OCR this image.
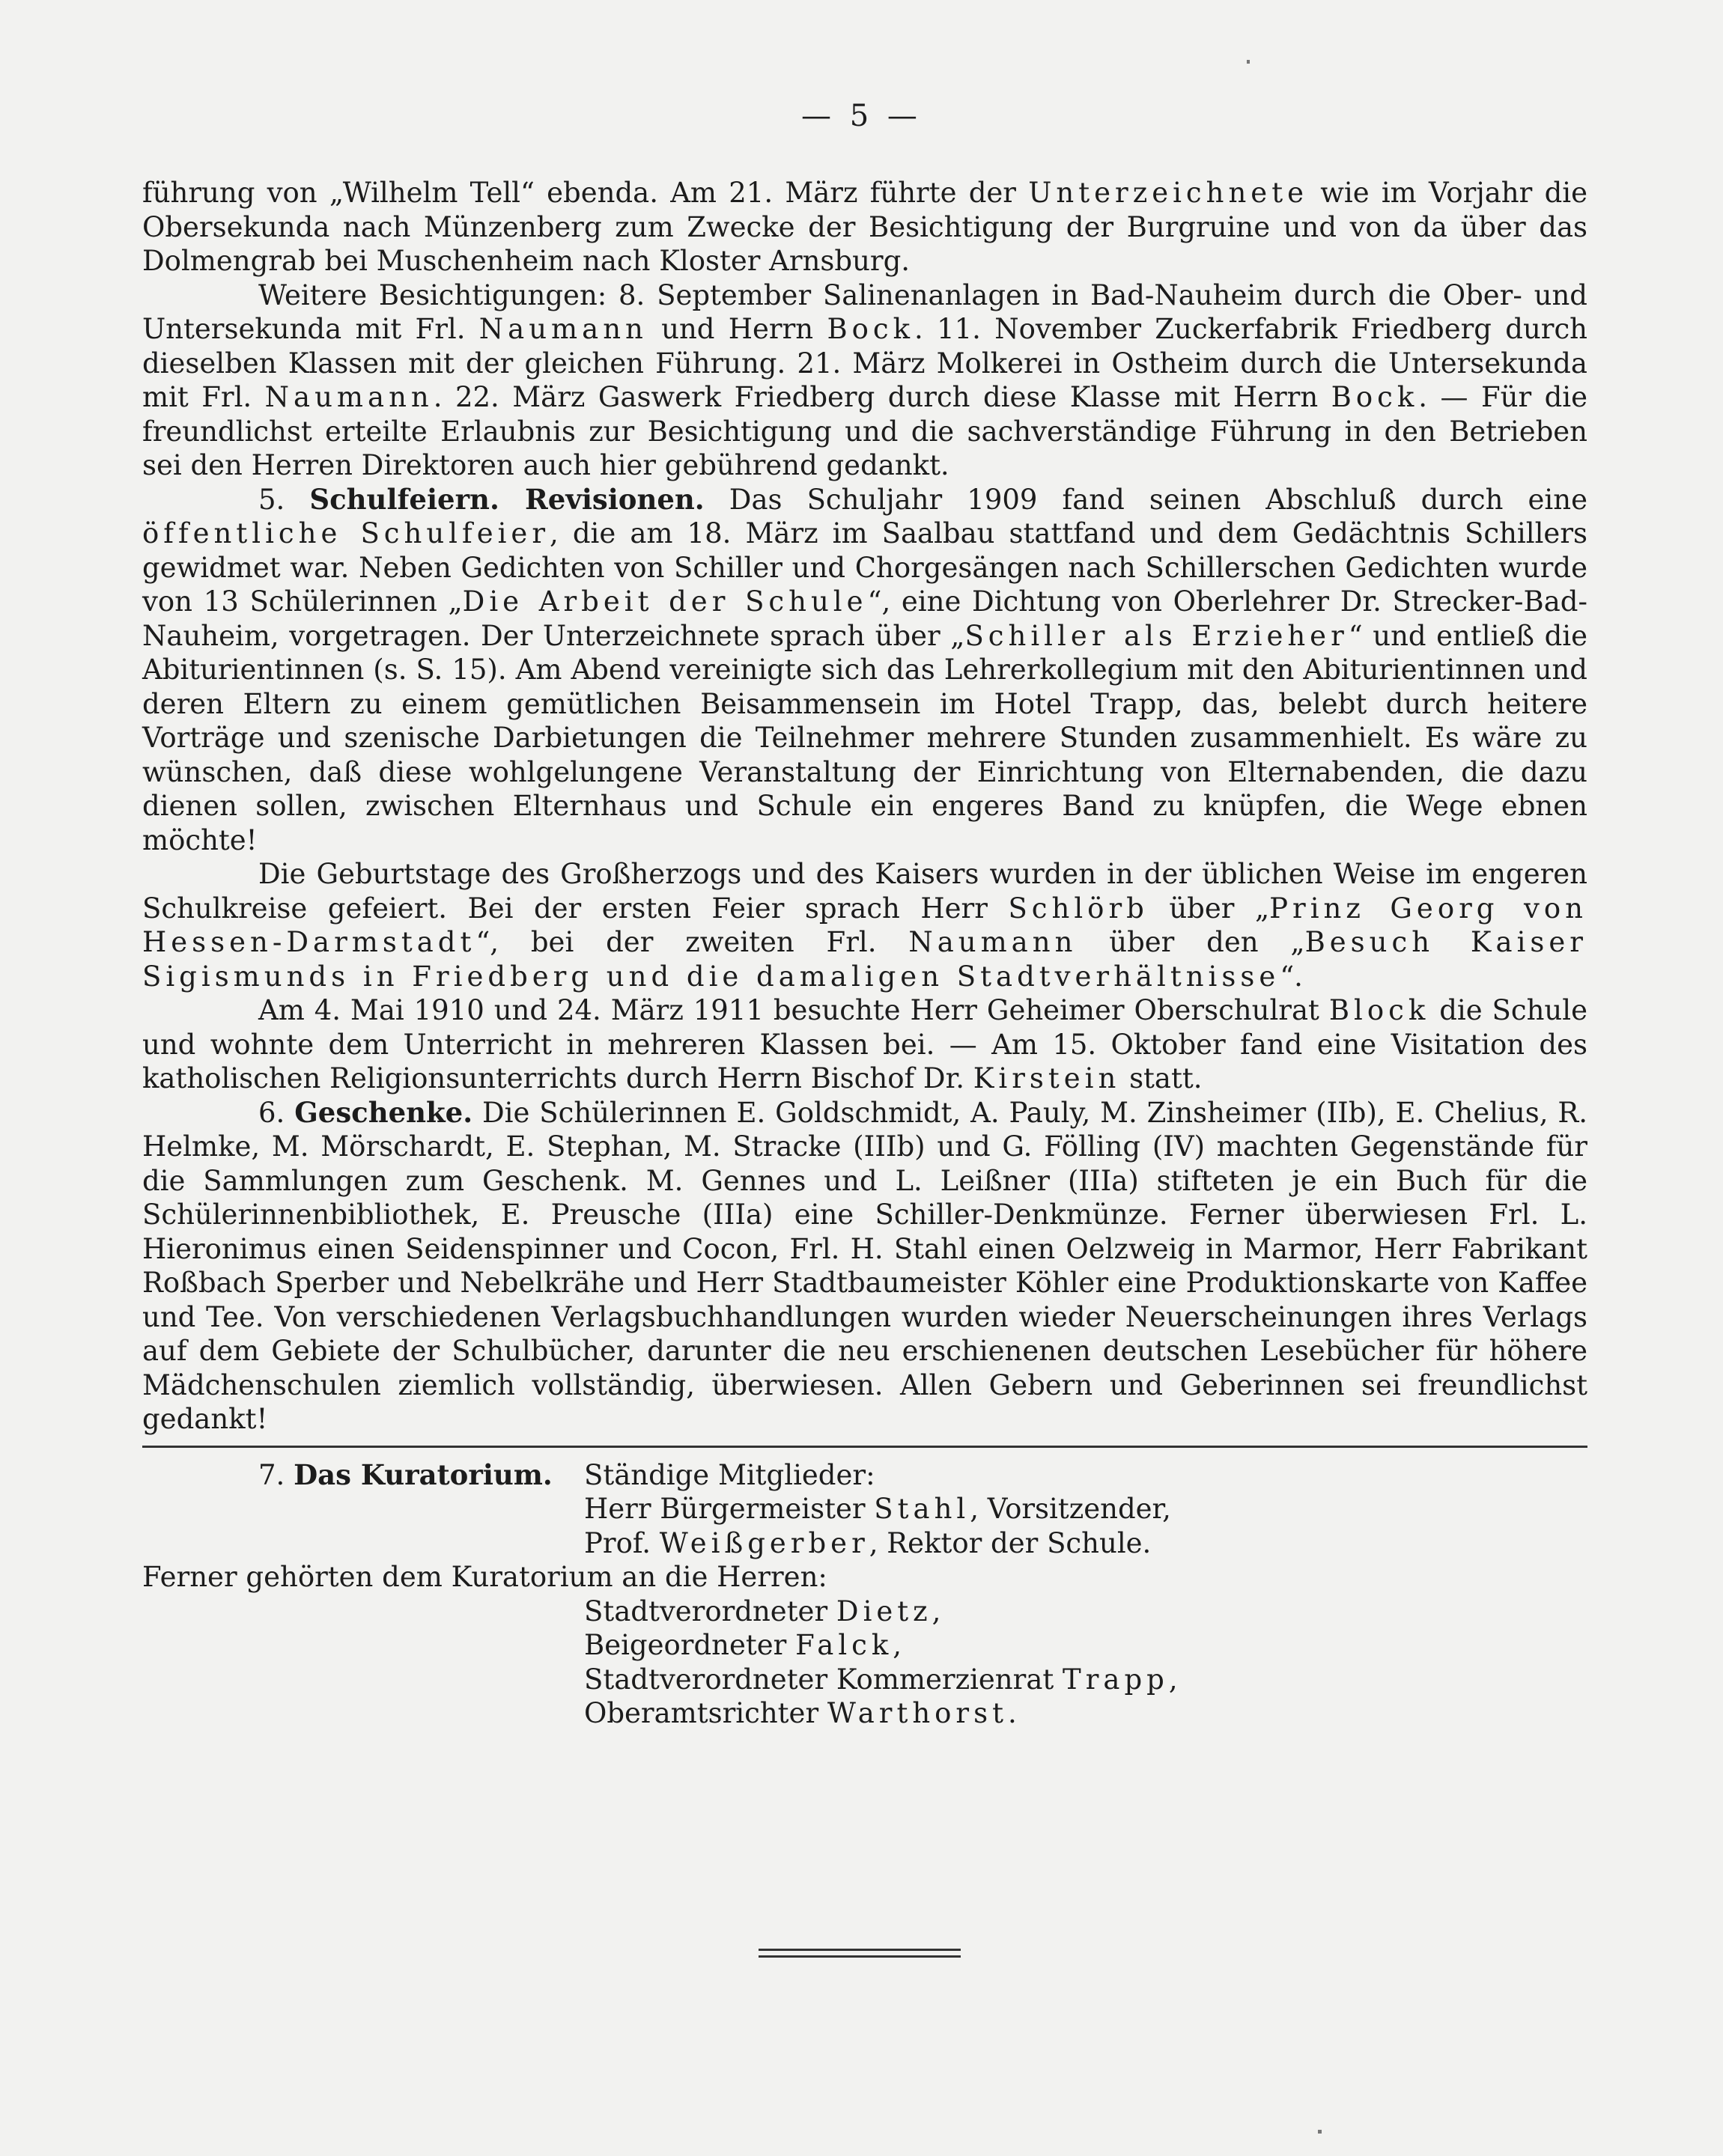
— 5 —

führung von „Wilhelm Tell“ ebenda. Am 21. März führte der Unterzeichnete wie im Vorjahr die Obersekunda nach Münzenberg zum Zwecke der Besichtigung der Burgruine und von da über das Dolmengrab bei Muschenheim nach Kloster Arnsburg.

Weitere Besichtigungen: 8. September Salinenanlagen in Bad-Nauheim durch die Ober- und Untersekunda mit Frl. Naumann und Herrn Bock. 11. November Zuckerfabrik Friedberg durch dieselben Klassen mit der gleichen Führung. 21. März Molkerei in Ostheim durch die Untersekunda mit Frl. Naumann. 22. März Gaswerk Friedberg durch diese Klasse mit Herrn Bock. — Für die freundlichst erteilte Erlaubnis zur Besichtigung und die sachverständige Führung in den Betrieben sei den Herren Direktoren auch hier gebührend gedankt.

5. Schulfeiern. Revisionen. Das Schuljahr 1909 fand seinen Abschluß durch eine öffentliche Schulfeier, die am 18. März im Saalbau stattfand und dem Gedächtnis Schillers gewidmet war. Neben Gedichten von Schiller und Chorgesängen nach Schillerschen Gedichten wurde von 13 Schülerinnen „Die Arbeit der Schule“, eine Dichtung von Oberlehrer Dr. Strecker-Bad-Nauheim, vorgetragen. Der Unterzeichnete sprach über „Schiller als Erzieher“ und entließ die Abiturientinnen (s. S. 15). Am Abend vereinigte sich das Lehrerkollegium mit den Abiturientinnen und deren Eltern zu einem gemütlichen Beisammensein im Hotel Trapp, das, belebt durch heitere Vorträge und szenische Darbietungen die Teilnehmer mehrere Stunden zusammenhielt. Es wäre zu wünschen, daß diese wohlgelungene Veranstaltung der Einrichtung von Elternabenden, die dazu dienen sollen, zwischen Elternhaus und Schule ein engeres Band zu knüpfen, die Wege ebnen möchte!

Die Geburtstage des Großherzogs und des Kaisers wurden in der üblichen Weise im engeren Schulkreise gefeiert. Bei der ersten Feier sprach Herr Schlörb über „Prinz Georg von Hessen-Darmstadt“, bei der zweiten Frl. Naumann über den „Besuch Kaiser Sigismunds in Friedberg und die damaligen Stadtverhältnisse“.

Am 4. Mai 1910 und 24. März 1911 besuchte Herr Geheimer Oberschulrat Block die Schule und wohnte dem Unterricht in mehreren Klassen bei. — Am 15. Oktober fand eine Visitation des katholischen Religionsunterrichts durch Herrn Bischof Dr. Kirstein statt.

6. Geschenke. Die Schülerinnen E. Goldschmidt, A. Pauly, M. Zinsheimer (IIb), E. Chelius, R. Helmke, M. Mörschardt, E. Stephan, M. Stracke (IIIb) und G. Fölling (IV) machten Gegenstände für die Sammlungen zum Geschenk. M. Gennes und L. Leißner (IIIa) stifteten je ein Buch für die Schülerinnenbibliothek, E. Preusche (IIIa) eine Schiller-Denkmünze. Ferner überwiesen Frl. L. Hieronimus einen Seidenspinner und Cocon, Frl. H. Stahl einen Oelzweig in Marmor, Herr Fabrikant Roßbach Sperber und Nebelkrähe und Herr Stadtbaumeister Köhler eine Produktionskarte von Kaffee und Tee. Von verschiedenen Verlagsbuchhandlungen wurden wieder Neuerscheinungen ihres Verlags auf dem Gebiete der Schulbücher, darunter die neu erschienenen deutschen Lesebücher für höhere Mädchenschulen ziemlich vollständig, überwiesen. Allen Gebern und Geberinnen sei freundlichst gedankt!

7. Das Kuratorium.	Ständige Mitglieder:
Herr Bürgermeister Stahl, Vorsitzender,
Prof. Weißgerber, Rektor der Schule.
Ferner gehörten dem Kuratorium an die Herren:
Stadtverordneter Dietz,
Beigeordneter Falck,
Stadtverordneter Kommerzienrat Trapp,
Oberamtsrichter Warthorst.
